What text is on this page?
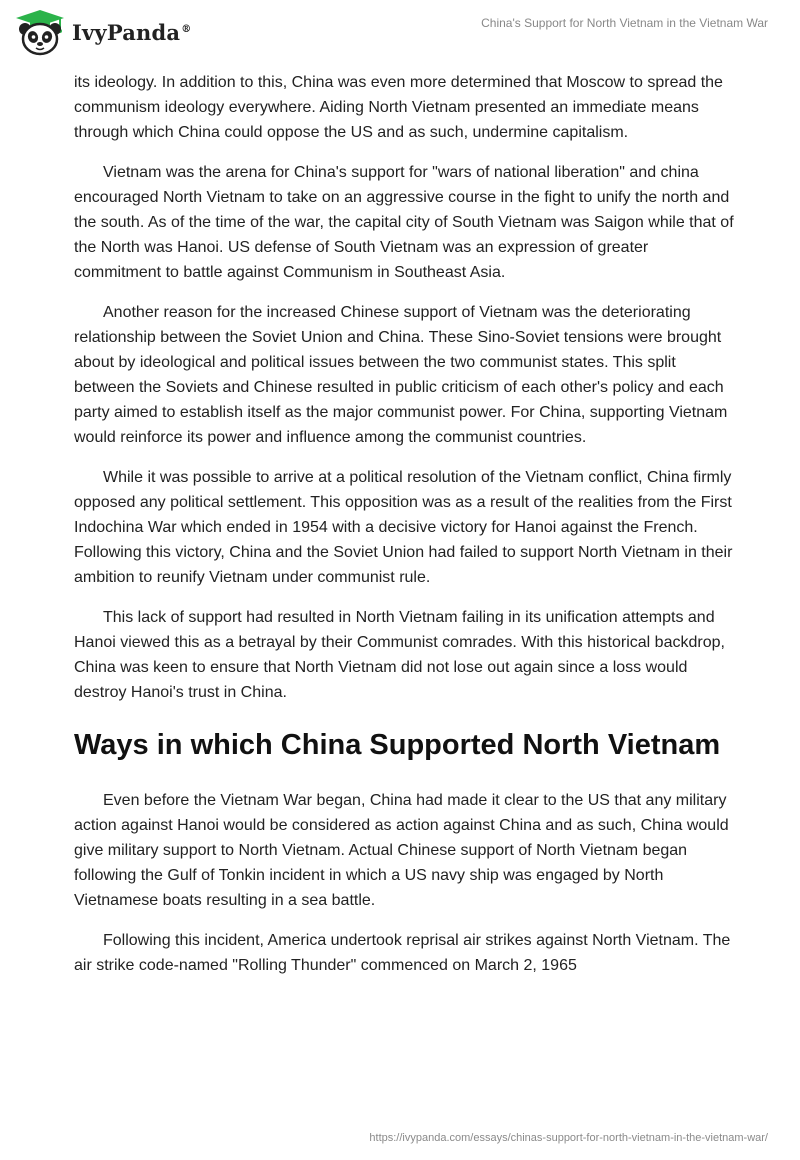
IvyPanda®	China's Support for North Vietnam in the Vietnam War

its ideology. In addition to this, China was even more determined that Moscow to spread the communism ideology everywhere. Aiding North Vietnam presented an immediate means through which China could oppose the US and as such, undermine capitalism.

Vietnam was the arena for China's support for "wars of national liberation" and china encouraged North Vietnam to take on an aggressive course in the fight to unify the north and the south. As of the time of the war, the capital city of South Vietnam was Saigon while that of the North was Hanoi. US defense of South Vietnam was an expression of greater commitment to battle against Communism in Southeast Asia.

Another reason for the increased Chinese support of Vietnam was the deteriorating relationship between the Soviet Union and China. These Sino-Soviet tensions were brought about by ideological and political issues between the two communist states. This split between the Soviets and Chinese resulted in public criticism of each other's policy and each party aimed to establish itself as the major communist power. For China, supporting Vietnam would reinforce its power and influence among the communist countries.

While it was possible to arrive at a political resolution of the Vietnam conflict, China firmly opposed any political settlement. This opposition was as a result of the realities from the First Indochina War which ended in 1954 with a decisive victory for Hanoi against the French. Following this victory, China and the Soviet Union had failed to support North Vietnam in their ambition to reunify Vietnam under communist rule.

This lack of support had resulted in North Vietnam failing in its unification attempts and Hanoi viewed this as a betrayal by their Communist comrades. With this historical backdrop, China was keen to ensure that North Vietnam did not lose out again since a loss would destroy Hanoi's trust in China.

Ways in which China Supported North Vietnam

Even before the Vietnam War began, China had made it clear to the US that any military action against Hanoi would be considered as action against China and as such, China would give military support to North Vietnam. Actual Chinese support of North Vietnam began following the Gulf of Tonkin incident in which a US navy ship was engaged by North Vietnamese boats resulting in a sea battle.

Following this incident, America undertook reprisal air strikes against North Vietnam. The air strike code-named "Rolling Thunder" commenced on March 2, 1965

https://ivypanda.com/essays/chinas-support-for-north-vietnam-in-the-vietnam-war/
